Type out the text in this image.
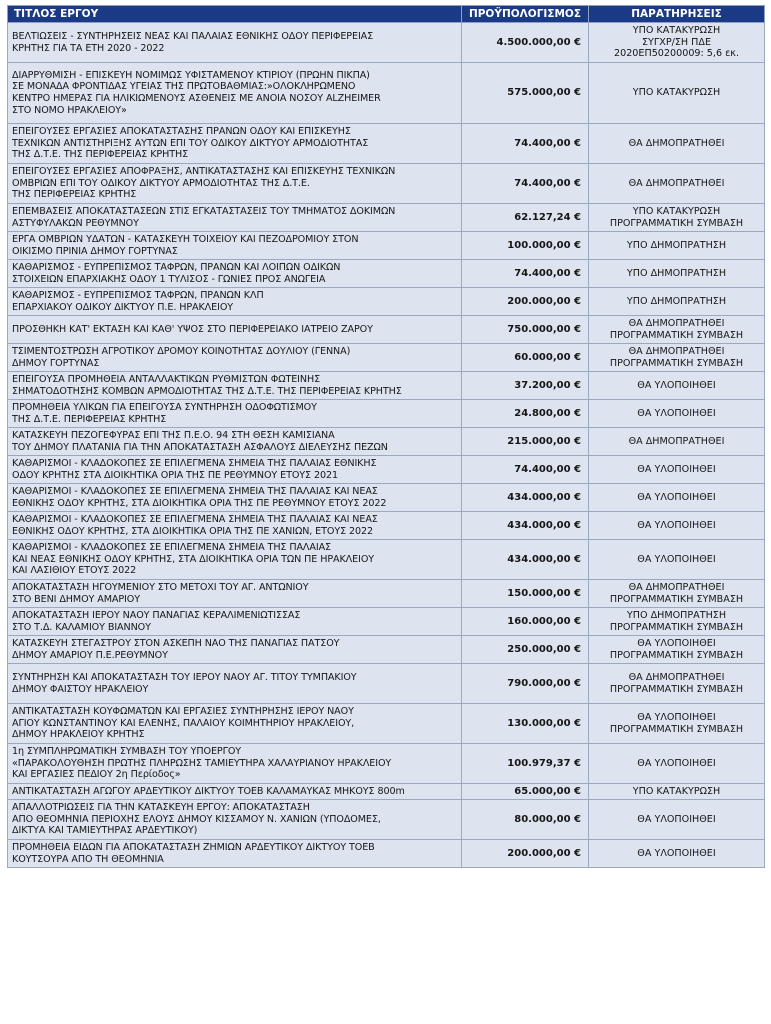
ΤΙΤΛΟΣ ΕΡΓΟΥ	ΠΡΟΫΠΟΛΟΓΙΣΜΟΣ	ΠΑΡΑΤΗΡΗΣΕΙΣ

ΒΕΛΤΙΩΣΕΙΣ - ΣΥΝΤΗΡΗΣΕΙΣ ΝΕΑΣ ΚΑΙ ΠΑΛΑΙΑΣ ΕΘΝΙΚΗΣ ΟΔΟΥ ΠΕΡΙΦΕΡΕΙΑΣ
ΚΡΗΤΗΣ ΓΙΑ ΤΑ ΕΤΗ 2020 - 2022	4.500.000,00 €	ΥΠΟ ΚΑΤΑΚΥΡΩΣΗ
ΣΥΓΧΡ/ΣΗ ΠΔΕ
2020ΕΠ50200009: 5,6 εκ.

ΔΙΑΡΡΥΘΜΙΣΗ - ΕΠΙΣΚΕΥΗ ΝΟΜΙΜΩΣ ΥΦΙΣΤΑΜΕΝΟΥ ΚΤΙΡΙΟΥ (ΠΡΩΗΝ ΠΙΚΠΑ)
ΣΕ ΜΟΝΑΔΑ ΦΡΟΝΤΙΔΑΣ ΥΓΕΙΑΣ ΤΗΣ ΠΡΩΤΟΒΑΘΜΙΑΣ:»ΟΛΟΚΛΗΡΩΜΕΝΟ
ΚΕΝΤΡΟ ΗΜΕΡΑΣ ΓΙΑ ΗΛΙΚΙΩΜΕΝΟΥΣ ΑΣΘΕΝΕΙΣ ΜΕ ΑΝΟΙΑ ΝΟΣΟΥ ALZHEIMER
ΣΤΟ ΝΟΜΟ ΗΡΑΚΛΕΙΟΥ»	575.000,00 €	ΥΠΟ ΚΑΤΑΚΥΡΩΣΗ

ΕΠΕΙΓΟΥΣΕΣ ΕΡΓΑΣΙΕΣ ΑΠΟΚΑΤΑΣΤΑΣΗΣ ΠΡΑΝΩΝ ΟΔΟΥ ΚΑΙ ΕΠΙΣΚΕΥΗΣ
ΤΕΧΝΙΚΩΝ ΑΝΤΙΣΤΗΡΙΞΗΣ ΑΥΤΩΝ ΕΠΙ ΤΟΥ ΟΔΙΚΟΥ ΔΙΚΤΥΟΥ ΑΡΜΟΔΙΟΤΗΤΑΣ
ΤΗΣ Δ.Τ.Ε. ΤΗΣ ΠΕΡΙΦΕΡΕΙΑΣ ΚΡΗΤΗΣ	74.400,00 €	ΘΑ ΔΗΜΟΠΡΑΤΗΘΕΙ

ΕΠΕΙΓΟΥΣΕΣ ΕΡΓΑΣΙΕΣ ΑΠΟΦΡΑΞΗΣ, ΑΝΤΙΚΑΤΑΣΤΑΣΗΣ ΚΑΙ ΕΠΙΣΚΕΥΗΣ ΤΕΧΝΙΚΩΝ
ΟΜΒΡΙΩΝ ΕΠΙ ΤΟΥ ΟΔΙΚΟΥ ΔΙΚΤΥΟΥ ΑΡΜΟΔΙΟΤΗΤΑΣ ΤΗΣ Δ.Τ.Ε.
ΤΗΣ ΠΕΡΙΦΕΡΕΙΑΣ ΚΡΗΤΗΣ	74.400,00 €	ΘΑ ΔΗΜΟΠΡΑΤΗΘΕΙ

ΕΠΕΜΒΑΣΕΙΣ ΑΠΟΚΑΤΑΣΤΑΣΕΩΝ ΣΤΙΣ ΕΓΚΑΤΑΣΤΑΣΕΙΣ ΤΟΥ ΤΜΗΜΑΤΟΣ ΔΟΚΙΜΩΝ
ΑΣΤΥΦΥΛΑΚΩΝ ΡΕΘΥΜΝΟΥ	62.127,24 €	ΥΠΟ ΚΑΤΑΚΥΡΩΣΗ
ΠΡΟΓΡΑΜΜΑΤΙΚΗ ΣΥΜΒΑΣΗ

ΕΡΓΑ ΟΜΒΡΙΩΝ ΥΔΑΤΩΝ - ΚΑΤΑΣΚΕΥΗ ΤΟΙΧΕΙΟΥ ΚΑΙ ΠΕΖΟΔΡΟΜΙΟΥ ΣΤΟΝ
ΟΙΚΙΣΜΟ ΠΡΙΝΙΑ ΔΗΜΟΥ ΓΟΡΤΥΝΑΣ	100.000,00 €	ΥΠΟ ΔΗΜΟΠΡΑΤΗΣΗ

ΚΑΘΑΡΙΣΜΟΣ - ΕΥΠΡΕΠΙΣΜΟΣ ΤΑΦΡΩΝ, ΠΡΑΝΩΝ ΚΑΙ ΛΟΙΠΩΝ ΟΔΙΚΩΝ
ΣΤΟΙΧΕΙΩΝ ΕΠΑΡΧΙΑΚΗΣ ΟΔΟΥ 1 ΤΥΛΙΣΟΣ - ΓΩΝΙΕΣ ΠΡΟΣ ΑΝΩΓΕΙΑ	74.400,00 €	ΥΠΟ ΔΗΜΟΠΡΑΤΗΣΗ

ΚΑΘΑΡΙΣΜΟΣ - ΕΥΠΡΕΠΙΣΜΟΣ ΤΑΦΡΩΝ, ΠΡΑΝΩΝ ΚΛΠ
ΕΠΑΡΧΙΑΚΟΥ ΟΔΙΚΟΥ ΔΙΚΤΥΟΥ Π.Ε. ΗΡΑΚΛΕΙΟΥ	200.000,00 €	ΥΠΟ ΔΗΜΟΠΡΑΤΗΣΗ

ΠΡΟΣΘΗΚΗ ΚΑΤ' ΕΚΤΑΣΗ ΚΑΙ ΚΑΘ' ΥΨΟΣ ΣΤΟ ΠΕΡΙΦΕΡΕΙΑΚΟ ΙΑΤΡΕΙΟ ΖΑΡΟΥ	750.000,00 €	ΘΑ ΔΗΜΟΠΡΑΤΗΘΕΙ
ΠΡΟΓΡΑΜΜΑΤΙΚΗ ΣΥΜΒΑΣΗ

ΤΣΙΜΕΝΤΟΣΤΡΩΣΗ ΑΓΡΟΤΙΚΟΥ ΔΡΟΜΟΥ ΚΟΙΝΟΤΗΤΑΣ ΔΟΥΛΙΟΥ (ΓΕΝΝΑ)
ΔΗΜΟΥ ΓΟΡΤΥΝΑΣ	60.000,00 €	ΘΑ ΔΗΜΟΠΡΑΤΗΘΕΙ
ΠΡΟΓΡΑΜΜΑΤΙΚΗ ΣΥΜΒΑΣΗ

ΕΠΕΙΓΟΥΣΑ ΠΡΟΜΗΘΕΙΑ ΑΝΤΑΛΛΑΚΤΙΚΩΝ ΡΥΘΜΙΣΤΩΝ ΦΩΤΕΙΝΗΣ
ΣΗΜΑΤΟΔΟΤΗΣΗΣ ΚΟΜΒΩΝ ΑΡΜΟΔΙΟΤΗΤΑΣ ΤΗΣ Δ.Τ.Ε. ΤΗΣ ΠΕΡΙΦΕΡΕΙΑΣ ΚΡΗΤΗΣ	37.200,00 €	ΘΑ ΥΛΟΠΟΙΗΘΕΙ

ΠΡΟΜΗΘΕΙΑ ΥΛΙΚΩΝ ΓΙΑ ΕΠΕΙΓΟΥΣΑ ΣΥΝΤΗΡΗΣΗ ΟΔΟΦΩΤΙΣΜΟΥ
ΤΗΣ Δ.Τ.Ε. ΠΕΡΙΦΕΡΕΙΑΣ ΚΡΗΤΗΣ	24.800,00 €	ΘΑ ΥΛΟΠΟΙΗΘΕΙ

ΚΑΤΑΣΚΕΥΗ ΠΕΖΟΓΕΦΥΡΑΣ ΕΠΙ ΤΗΣ Π.Ε.Ο. 94 ΣΤΗ ΘΕΣΗ ΚΑΜΙΣΙΑΝΑ
ΤΟΥ ΔΗΜΟΥ ΠΛΑΤΑΝΙΑ ΓΙΑ ΤΗΝ ΑΠΟΚΑΤΑΣΤΑΣΗ ΑΣΦΑΛΟΥΣ ΔΙΕΛΕΥΣΗΣ ΠΕΖΩΝ	215.000,00 €	ΘΑ ΔΗΜΟΠΡΑΤΗΘΕΙ

ΚΑΘΑΡΙΣΜΟΙ - ΚΛΑΔΟΚΟΠΕΣ ΣΕ ΕΠΙΛΕΓΜΕΝΑ ΣΗΜΕΙΑ ΤΗΣ ΠΑΛΑΙΑΣ ΕΘΝΙΚΗΣ
ΟΔΟΥ ΚΡΗΤΗΣ ΣΤΑ ΔΙΟΙΚΗΤΙΚΑ ΟΡΙΑ ΤΗΣ ΠΕ ΡΕΘΥΜΝΟΥ ΕΤΟΥΣ 2021	74.400,00 €	ΘΑ ΥΛΟΠΟΙΗΘΕΙ

ΚΑΘΑΡΙΣΜΟΙ - ΚΛΑΔΟΚΟΠΕΣ ΣΕ ΕΠΙΛΕΓΜΕΝΑ ΣΗΜΕΙΑ ΤΗΣ ΠΑΛΑΙΑΣ ΚΑΙ ΝΕΑΣ
ΕΘΝΙΚΗΣ ΟΔΟΥ ΚΡΗΤΗΣ, ΣΤΑ ΔΙΟΙΚΗΤΙΚΑ ΟΡΙΑ ΤΗΣ ΠΕ ΡΕΘΥΜΝΟΥ ΕΤΟΥΣ 2022	434.000,00 €	ΘΑ ΥΛΟΠΟΙΗΘΕΙ

ΚΑΘΑΡΙΣΜΟΙ - ΚΛΑΔΟΚΟΠΕΣ ΣΕ ΕΠΙΛΕΓΜΕΝΑ ΣΗΜΕΙΑ ΤΗΣ ΠΑΛΑΙΑΣ ΚΑΙ ΝΕΑΣ
ΕΘΝΙΚΗΣ ΟΔΟΥ ΚΡΗΤΗΣ, ΣΤΑ ΔΙΟΙΚΗΤΙΚΑ ΟΡΙΑ ΤΗΣ ΠΕ ΧΑΝΙΩΝ, ΕΤΟΥΣ 2022	434.000,00 €	ΘΑ ΥΛΟΠΟΙΗΘΕΙ

ΚΑΘΑΡΙΣΜΟΙ - ΚΛΑΔΟΚΟΠΕΣ ΣΕ ΕΠΙΛΕΓΜΕΝΑ ΣΗΜΕΙΑ ΤΗΣ ΠΑΛΑΙΑΣ
ΚΑΙ ΝΕΑΣ ΕΘΝΙΚΗΣ ΟΔΟΥ ΚΡΗΤΗΣ, ΣΤΑ ΔΙΟΙΚΗΤΙΚΑ ΟΡΙΑ ΤΩΝ ΠΕ ΗΡΑΚΛΕΙΟΥ
ΚΑΙ ΛΑΣΙΘΙΟΥ ΕΤΟΥΣ 2022	434.000,00 €	ΘΑ ΥΛΟΠΟΙΗΘΕΙ

ΑΠΟΚΑΤΑΣΤΑΣΗ ΗΓΟΥΜΕΝΙΟΥ ΣΤΟ ΜΕΤΟΧΙ ΤΟΥ ΑΓ. ΑΝΤΩΝΙΟΥ
ΣΤΟ ΒΕΝΙ ΔΗΜΟΥ ΑΜΑΡΙΟΥ	150.000,00 €	ΘΑ ΔΗΜΟΠΡΑΤΗΘΕΙ
ΠΡΟΓΡΑΜΜΑΤΙΚΗ ΣΥΜΒΑΣΗ

ΑΠΟΚΑΤΑΣΤΑΣΗ ΙΕΡΟΥ ΝΑΟΥ ΠΑΝΑΓΙΑΣ ΚΕΡΑΛΙΜΕΝΙΩΤΙΣΣΑΣ
ΣΤΟ Τ.Δ. ΚΑΛΑΜΙΟΥ ΒΙΑΝΝΟΥ	160.000,00 €	ΥΠΟ ΔΗΜΟΠΡΑΤΗΣΗ
ΠΡΟΓΡΑΜΜΑΤΙΚΗ ΣΥΜΒΑΣΗ

ΚΑΤΑΣΚΕΥΗ ΣΤΕΓΑΣΤΡΟΥ ΣΤΟΝ ΑΣΚΕΠΗ ΝΑΟ ΤΗΣ ΠΑΝΑΓΙΑΣ ΠΑΤΣΟΥ
ΔΗΜΟΥ ΑΜΑΡΙΟΥ Π.Ε.ΡΕΘΥΜΝΟΥ	250.000,00 €	ΘΑ ΥΛΟΠΟΙΗΘΕΙ
ΠΡΟΓΡΑΜΜΑΤΙΚΗ ΣΥΜΒΑΣΗ

ΣΥΝΤΗΡΗΣΗ ΚΑΙ ΑΠΟΚΑΤΑΣΤΑΣΗ ΤΟΥ ΙΕΡΟΥ ΝΑΟΥ ΑΓ. ΤΙΤΟΥ ΤΥΜΠΑΚΙΟΥ
ΔΗΜΟΥ ΦΑΙΣΤΟΥ ΗΡΑΚΛΕΙΟΥ	790.000,00 €	ΘΑ ΔΗΜΟΠΡΑΤΗΘΕΙ
ΠΡΟΓΡΑΜΜΑΤΙΚΗ ΣΥΜΒΑΣΗ

ΑΝΤΙΚΑΤΑΣΤΑΣΗ ΚΟΥΦΩΜΑΤΩΝ ΚΑΙ ΕΡΓΑΣΙΕΣ ΣΥΝΤΗΡΗΣΗΣ ΙΕΡΟΥ ΝΑΟΥ
ΑΓΙΟΥ ΚΩΝΣΤΑΝΤΙΝΟΥ ΚΑΙ ΕΛΕΝΗΣ, ΠΑΛΑΙΟΥ ΚΟΙΜΗΤΗΡΙΟΥ ΗΡΑΚΛΕΙΟΥ,
ΔΗΜΟΥ ΗΡΑΚΛΕΙΟΥ ΚΡΗΤΗΣ	130.000,00 €	ΘΑ ΥΛΟΠΟΙΗΘΕΙ
ΠΡΟΓΡΑΜΜΑΤΙΚΗ ΣΥΜΒΑΣΗ

1η ΣΥΜΠΛΗΡΩΜΑΤΙΚΗ ΣΥΜΒΑΣΗ ΤΟΥ ΥΠΟΕΡΓΟΥ
«ΠΑΡΑΚΟΛΟΥΘΗΣΗ ΠΡΩΤΗΣ ΠΛΗΡΩΣΗΣ ΤΑΜΙΕΥΤΗΡΑ ΧΑΛΑΥΡΙΑΝΟΥ ΗΡΑΚΛΕΙΟΥ
ΚΑΙ ΕΡΓΑΣΙΕΣ ΠΕΔΙΟΥ 2η Περίοδος»	100.979,37 €	ΘΑ ΥΛΟΠΟΙΗΘΕΙ

ΑΝΤΙΚΑΤΑΣΤΑΣΗ ΑΓΩΓΟΥ ΑΡΔΕΥΤΙΚΟΥ ΔΙΚΤΥΟΥ ΤΟΕΒ ΚΑΛΑΜΑΥΚΑΣ ΜΗΚΟΥΣ 800m	65.000,00 €	ΥΠΟ ΚΑΤΑΚΥΡΩΣΗ

ΑΠΑΛΛΟΤΡΙΩΣΕΙΣ ΓΙΑ ΤΗΝ ΚΑΤΑΣΚΕΥΗ ΕΡΓΟΥ: ΑΠΟΚΑΤΑΣΤΑΣΗ
ΑΠΟ ΘΕΟΜΗΝΙΑ ΠΕΡΙΟΧΗΣ ΕΛΟΥΣ ΔΗΜΟΥ ΚΙΣΣΑΜΟΥ Ν. ΧΑΝΙΩΝ (ΥΠΟΔΟΜΕΣ,
ΔΙΚΤΥΑ ΚΑΙ ΤΑΜΙΕΥΤΗΡΑΣ ΑΡΔΕΥΤΙΚΟΥ)	80.000,00 €	ΘΑ ΥΛΟΠΟΙΗΘΕΙ

ΠΡΟΜΗΘΕΙΑ ΕΙΔΩΝ ΓΙΑ ΑΠΟΚΑΤΑΣΤΑΣΗ ΖΗΜΙΩΝ ΑΡΔΕΥΤΙΚΟΥ ΔΙΚΤΥΟΥ ΤΟΕΒ
ΚΟΥΤΣΟΥΡΑ ΑΠΟ ΤΗ ΘΕΟΜΗΝΙΑ	200.000,00 €	ΘΑ ΥΛΟΠΟΙΗΘΕΙ
